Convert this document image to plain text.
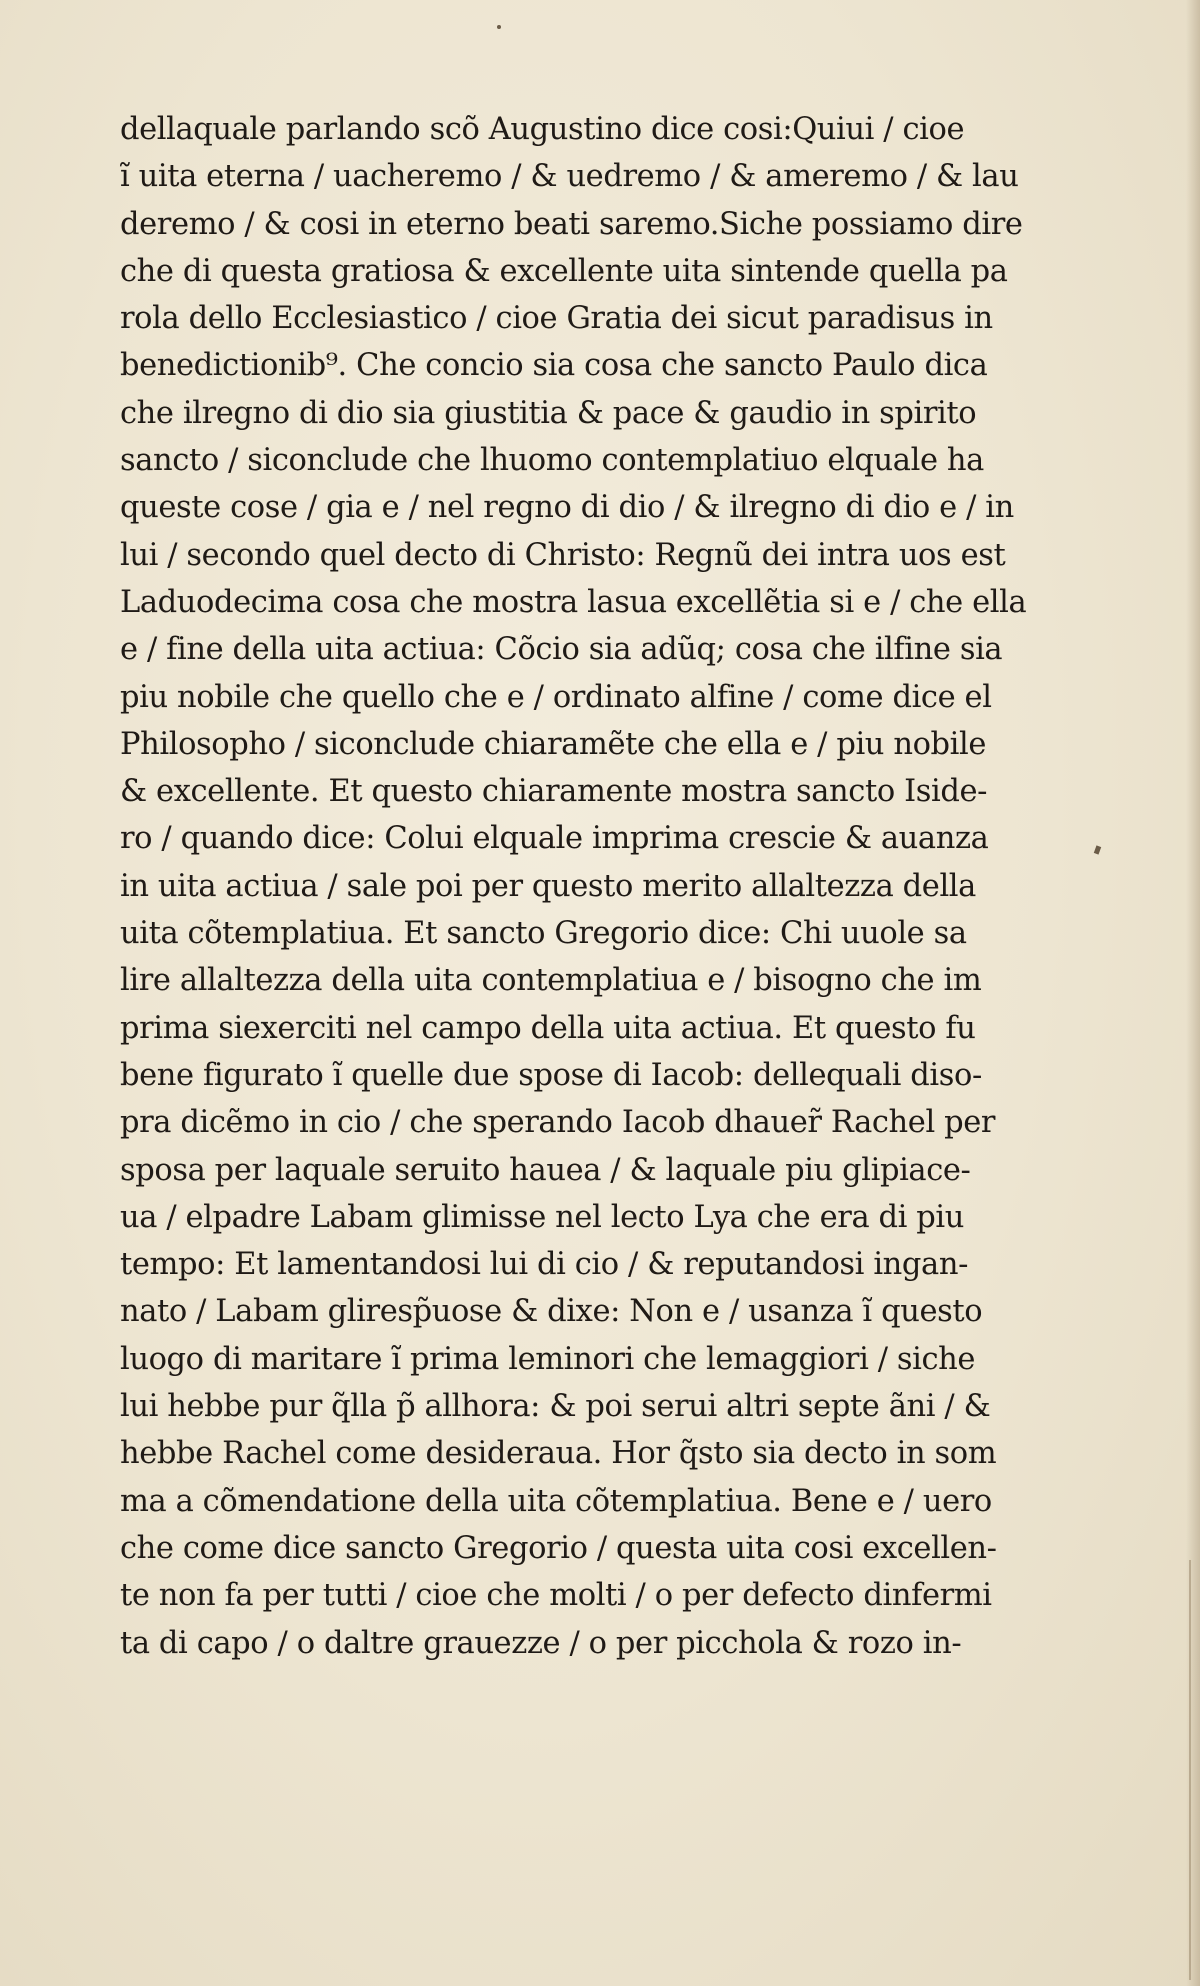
dellaquale parlando scõ Augustino dice cosi:Quiui / cioe
ĩ uita eterna / uacheremo / & uedremo / & ameremo / & lau
deremo / & cosi in eterno beati saremo.Siche possiamo dire
che di questa gratiosa & excellente uita sintende quella pa
rola dello Ecclesiastico / cioe Gratia dei sicut paradisus in
benedictionib⁹. Che concio sia cosa che sancto Paulo dica
che ilregno di dio sia giustitia & pace & gaudio in spirito
sancto / siconclude che lhuomo contemplatiuo elquale ha
queste cose / gia e / nel regno di dio / & ilregno di dio e / in
lui / secondo quel decto di Christo: Regnũ dei intra uos est
Laduodecima cosa che mostra lasua excellẽtia si e / che ella
e / fine della uita actiua: Cõcio sia adũq; cosa che ilfine sia
piu nobile che quello che e / ordinato alfine / come dice el
Philosopho / siconclude chiaramẽte che ella e / piu nobile
& excellente. Et questo chiaramente mostra sancto Iside-
ro / quando dice: Colui elquale imprima crescie & auanza
in uita actiua / sale poi per questo merito allaltezza della
uita cõtemplatiua. Et sancto Gregorio dice: Chi uuole sa
lire allaltezza della uita contemplatiua e / bisogno che im
prima siexerciti nel campo della uita actiua. Et questo fu
bene figurato ĩ quelle due spose di Iacob: dellequali diso-
pra dicẽmo in cio / che sperando Iacob dhauer̃ Rachel per
sposa per laquale seruito hauea / & laquale piu glipiace-
ua / elpadre Labam glimisse nel lecto Lya che era di piu
tempo: Et lamentandosi lui di cio / & reputandosi ingan-
nato / Labam gliresp̃uose & dixe: Non e / usanza ĩ questo
luogo di maritare ĩ prima leminori che lemaggiori / siche
lui hebbe pur q̃lla p̃ allhora: & poi serui altri septe ãni / &
hebbe Rachel come desideraua. Hor q̃sto sia decto in som
ma a cõmendatione della uita cõtemplatiua. Bene e / uero
che come dice sancto Gregorio / questa uita cosi excellen-
te non fa per tutti / cioe che molti / o per defecto dinfermi
ta di capo / o daltre grauezze / o per picchola & rozo in-
